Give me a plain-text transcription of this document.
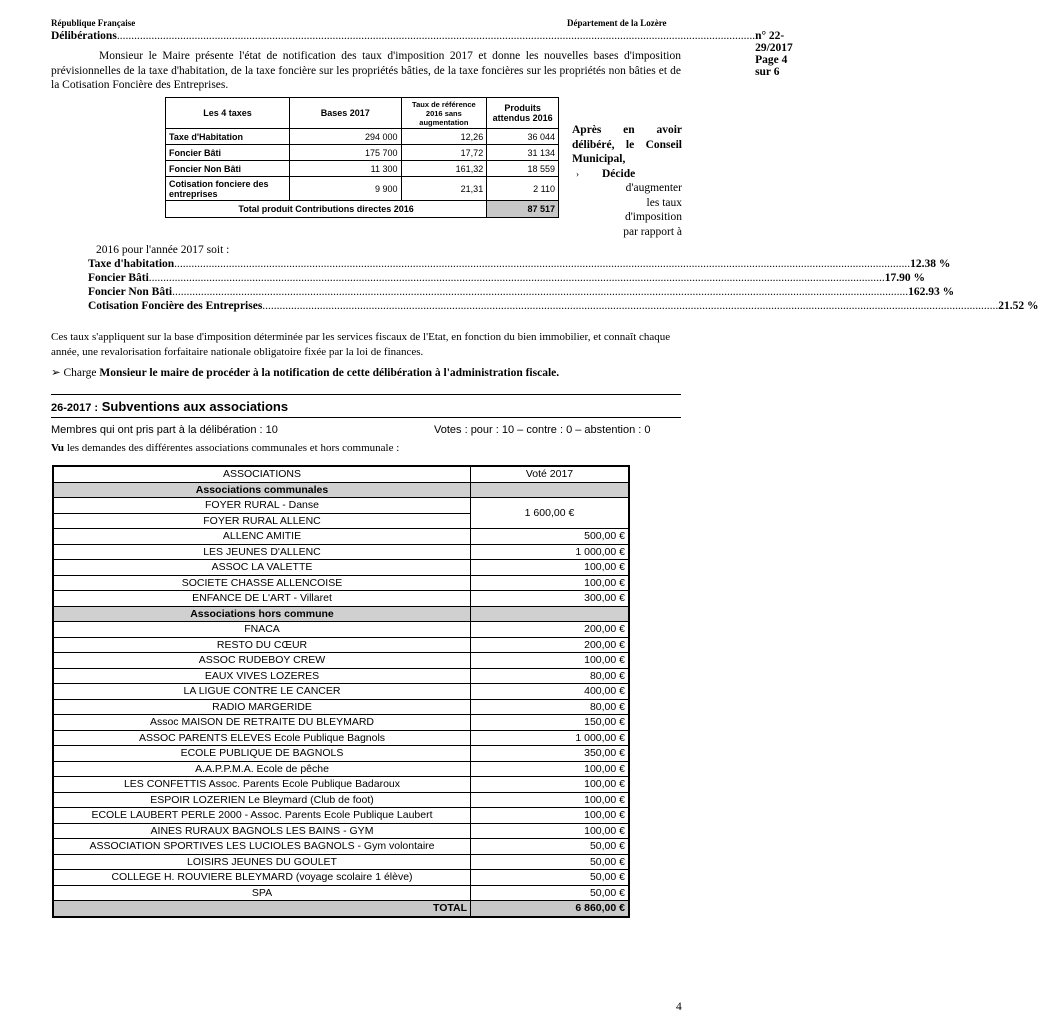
République Française	Département de la Lozère
Délibérations .............................................................................................................................................................................................................................. n° 22-29/2017 Page 4 sur 6
Monsieur le Maire présente l'état de notification des taux d'imposition 2017 et donne les nouvelles bases d'imposition prévisionnelles de la taxe d'habitation, de la taxe foncière sur les propriétés bâties, de la taxe foncières sur les propriétés non bâties et de la Cotisation Foncière des Entreprises.
Les 4 taxes	Bases 2017	Taux de référence 2016 sans augmentation	Produits attendus 2016
Taxe d'Habitation	294 000	12,26	36 044
Foncier Bâti	175 700	17,72	31 134
Foncier Non Bâti	11 300	161,32	18 559
Cotisation fonciere des entreprises	9 900	21,31	2 110
Total produit Contributions directes 2016			87 517
Après en avoir délibéré, le Conseil Municipal,
›	Décide
d'augmenter les taux d'imposition par rapport à
2016 pour l'année 2017 soit :
Taxe d'habitation .....	12.38 %
Foncier Bâti .....	17.90 %
Foncier Non Bâti .....	162.93 %
Cotisation Foncière des Entreprises .....	21.52 %
Ces taux s'appliquent sur la base d'imposition déterminée par les services fiscaux de l'Etat, en fonction du bien immobilier, et connaît chaque année, une revalorisation forfaitaire nationale obligatoire fixée par la loi de finances.
➢ Charge Monsieur le maire de procéder à la notification de cette délibération à l'administration fiscale.
26-2017 : Subventions aux associations
Membres qui ont pris part à la délibération : 10	Votes : pour : 10 – contre : 0 – abstention : 0
Vu les demandes des différentes associations communales et hors communale :
ASSOCIATIONS	Voté 2017
Associations communales	
FOYER RURAL - Danse	1 600,00 €
FOYER RURAL ALLENC	
ALLENC AMITIE	500,00 €
LES JEUNES D'ALLENC	1 000,00 €
ASSOC LA VALETTE	100,00 €
SOCIETE CHASSE ALLENCOISE	100,00 €
ENFANCE DE L'ART - Villaret	300,00 €
Associations hors commune	
FNACA	200,00 €
RESTO DU CŒUR	200,00 €
ASSOC RUDEBOY CREW	100,00 €
EAUX VIVES LOZERES	80,00 €
LA LIGUE CONTRE LE CANCER	400,00 €
RADIO MARGERIDE	80,00 €
Assoc MAISON DE RETRAITE DU BLEYMARD	150,00 €
ASSOC PARENTS ELEVES Ecole Publique Bagnols	1 000,00 €
ECOLE PUBLIQUE DE BAGNOLS	350,00 €
A.A.P.P.M.A. Ecole de pêche	100,00 €
LES CONFETTIS Assoc. Parents Ecole Publique Badaroux	100,00 €
ESPOIR LOZERIEN Le Bleymard (Club de foot)	100,00 €
ECOLE LAUBERT PERLE 2000 - Assoc. Parents Ecole Publique Laubert	100,00 €
AINES RURAUX BAGNOLS LES BAINS - GYM	100,00 €
ASSOCIATION SPORTIVES LES LUCIOLES BAGNOLS - Gym volontaire	50,00 €
LOISIRS JEUNES DU GOULET	50,00 €
COLLEGE H. ROUVIERE BLEYMARD (voyage scolaire 1 élève)	50,00 €
SPA	50,00 €
TOTAL	6 860,00 €
4
